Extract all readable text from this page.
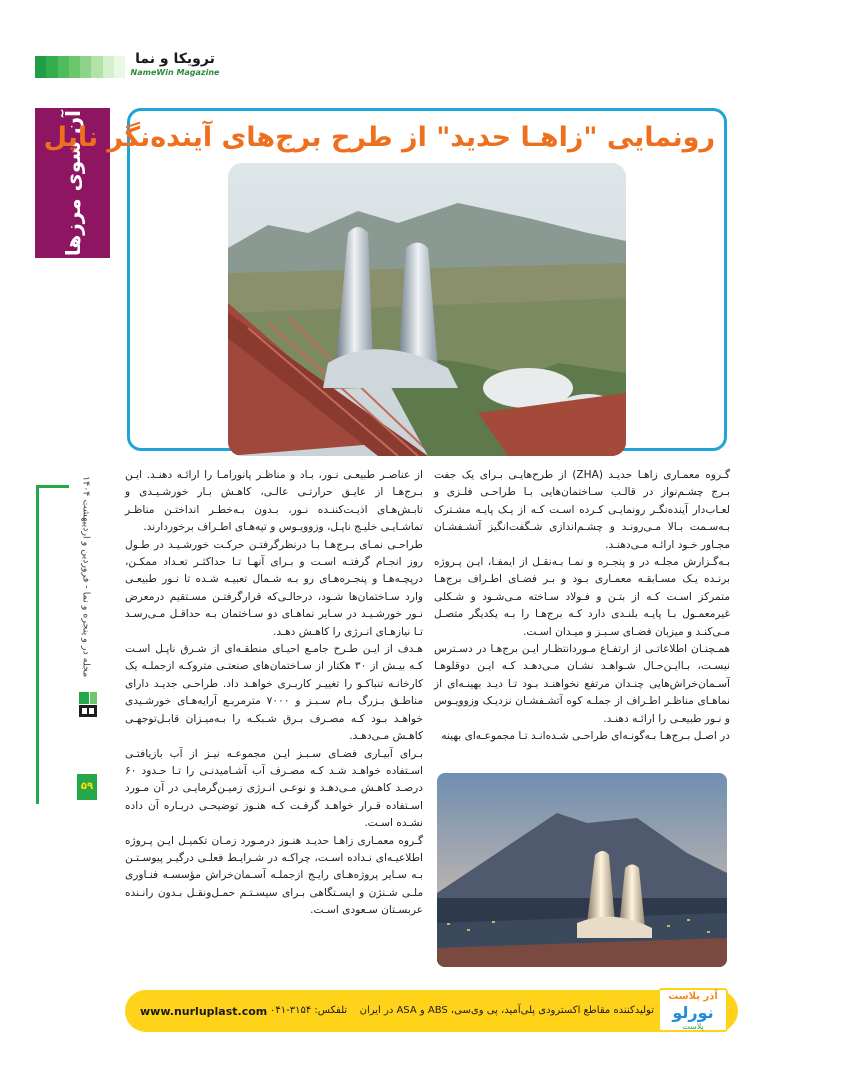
ترویکا و نما
NameWin Magazine
آن سوی مرزها
رونمایی "زاهـا حدید" از طرح برج‌های آینده‌نگر ناپل

گـروه معمـاری زاهـا حدیـد (ZHA) از طرح‌هایـی بـرای یک جفت بـرج چشـم‌نواز در قالـب سـاختمان‌هایی بـا طراحـی فلـزی و لعـاب‌دار آینده‌نگـر رونمایـی کـرده اسـت کـه از یـک پایـه مشـترک بـه‌سـمت بـالا مـی‌رونـد و چشـم‌اندازی شـگفت‌انگیز آتشـفشـان مجـاور خـود ارائـه مـی‌دهنـد.

بـه‌گـزارش مجلـه در و پنجـره و نمـا بـه‌نقـل از ایمفـا، ایـن پـروژه برنـده یـک مسـابقـه معمـاری بـود و بـر فضـای اطـراف برج‌هـا متمرکز اسـت کـه از بتـن و فـولاد سـاخته مـی‌شـود و شـکلی غیرمعمـول بـا پایـه بلنـدی دارد کـه برج‌هـا را بـه یکدیگر متصـل مـی‌کنـد و میزبان فضـای سـبـز و میـدان اسـت.

همـچنـان اطلاعاتـی از ارتفـاع مـورد‌انتظـار ایـن برج‌هـا در دسـترس نیسـت، بـاایـن‌حـال شـواهـد نشـان مـی‌دهـد کـه ایـن دوقلوهـا آسـمان‌خراش‌هایی چنـدان مرتفع نخواهنـد بـود تـا دیـد بهینـه‌ای از نماهـای مناظـر اطـراف از جملـه کوه آتشـفشـان نزدیـک وزوویـوس و نـور طبیعـی را ارائـه دهنـد.

در اصـل بـرج‌هـا بـه‌گونـه‌ای طراحـی شـده‌انـد تـا مجموعـه‌ای بهینه

از عناصـر طبیعـی نـور، بـاد و مناظـر پانورامـا را ارائـه دهنـد. ایـن بـرج‌هـا از عایـق حرارتـی عالـی، کاهـش بـار خورشـیـدی و تابـش‌هـای اذیـت‌کننـده نـور، بـدون بـه‌خطـر انداختـن مناظـر تماشـایـی خلیـج ناپـل، وزوویـوس و تپه‌هـای اطـراف برخوردارند.

طراحـی نمـای بـرج‌هـا بـا درنظرگرفتـن حرکـت خورشـیـد در طـول روز انجـام گرفتـه اسـت و بـرای آنهـا تـا حداکثـر تعـداد ممکـن، درپچـه‌هـا و پنجـره‌هـای رو بـه شـمال تعبیـه شـده تا نـور طبیعـی وارد سـاختمان‌ها شـود، درحالـی‌که قرارگرفتـن مسـتقیم درمعرض نـور خورشـیـد در سـایر نماهـای دو سـاختمان بـه حداقـل مـی‌رسـد تـا نیازهـای انـرژی را کاهـش دهـد.

هـدف از ایـن طـرح جامـع احیـای منطقـه‌ای از شـرق ناپـل اسـت کـه بیـش از ۳۰ هکتار از سـاختمان‌های صنعتـی متروکـه ازجملـه یک کارخانـه تنباکـو را تغییـر کاربـری خواهـد داد. طراحـی جدیـد دارای مناطـق بـزرگ بـام سـبـز و ۷۰۰۰ مترمربـع آرایه‌هـای خورشـیدی خواهـد بـود کـه مصـرف بـرق شـبکـه را بـه‌میـزان قابـل‌توجهـی کاهـش مـی‌دهـد.

بـرای آبیـاری فضـای سـبـز ایـن مجموعـه نیـز از آب بازیافتـی اسـتفاده خواهـد شـد کـه مصـرف آب آشـامیدنـی را تـا حـدود ۶۰ درصـد کاهـش مـی‌دهـد و نوعـی انـرژی زمیـن‌گرمایـی در آن مـورد اسـتفاده قـرار خواهـد گرفـت کـه هنـوز توضیحـی دربـاره آن داده نشـده اسـت.

گـروه معمـاری زاهـا حدیـد هنـوز درمـورد زمـان تکمیـل ایـن پـروژه اطلاعیـه‌ای نـداده اسـت، چراکـه در شـرایـط فعلـی درگیـر پیوسـتـن بـه سـایر پروژه‌هـای رایـج ازجملـه آسـمان‌خراش مؤسسـه فنـاوری ملـی شـنژن و ایسـتگاهی بـرای سیسـتـم حمـل‌ونقـل بـدون رانـنده عربسـتان سـعودی اسـت.

مجله در و پنجره و نما - فروردین و اردیبهشت ۱۴۰۴
۵۹
www.nurluplast.com تلفکس: ۳۱۵۴-۰۴۱ تولیدکننده مقاطع اکسترودی پلی‌آمید، پی وی‌سی، ABS و ASA در ایران
آذر پلاست
نورلو
پلاست
